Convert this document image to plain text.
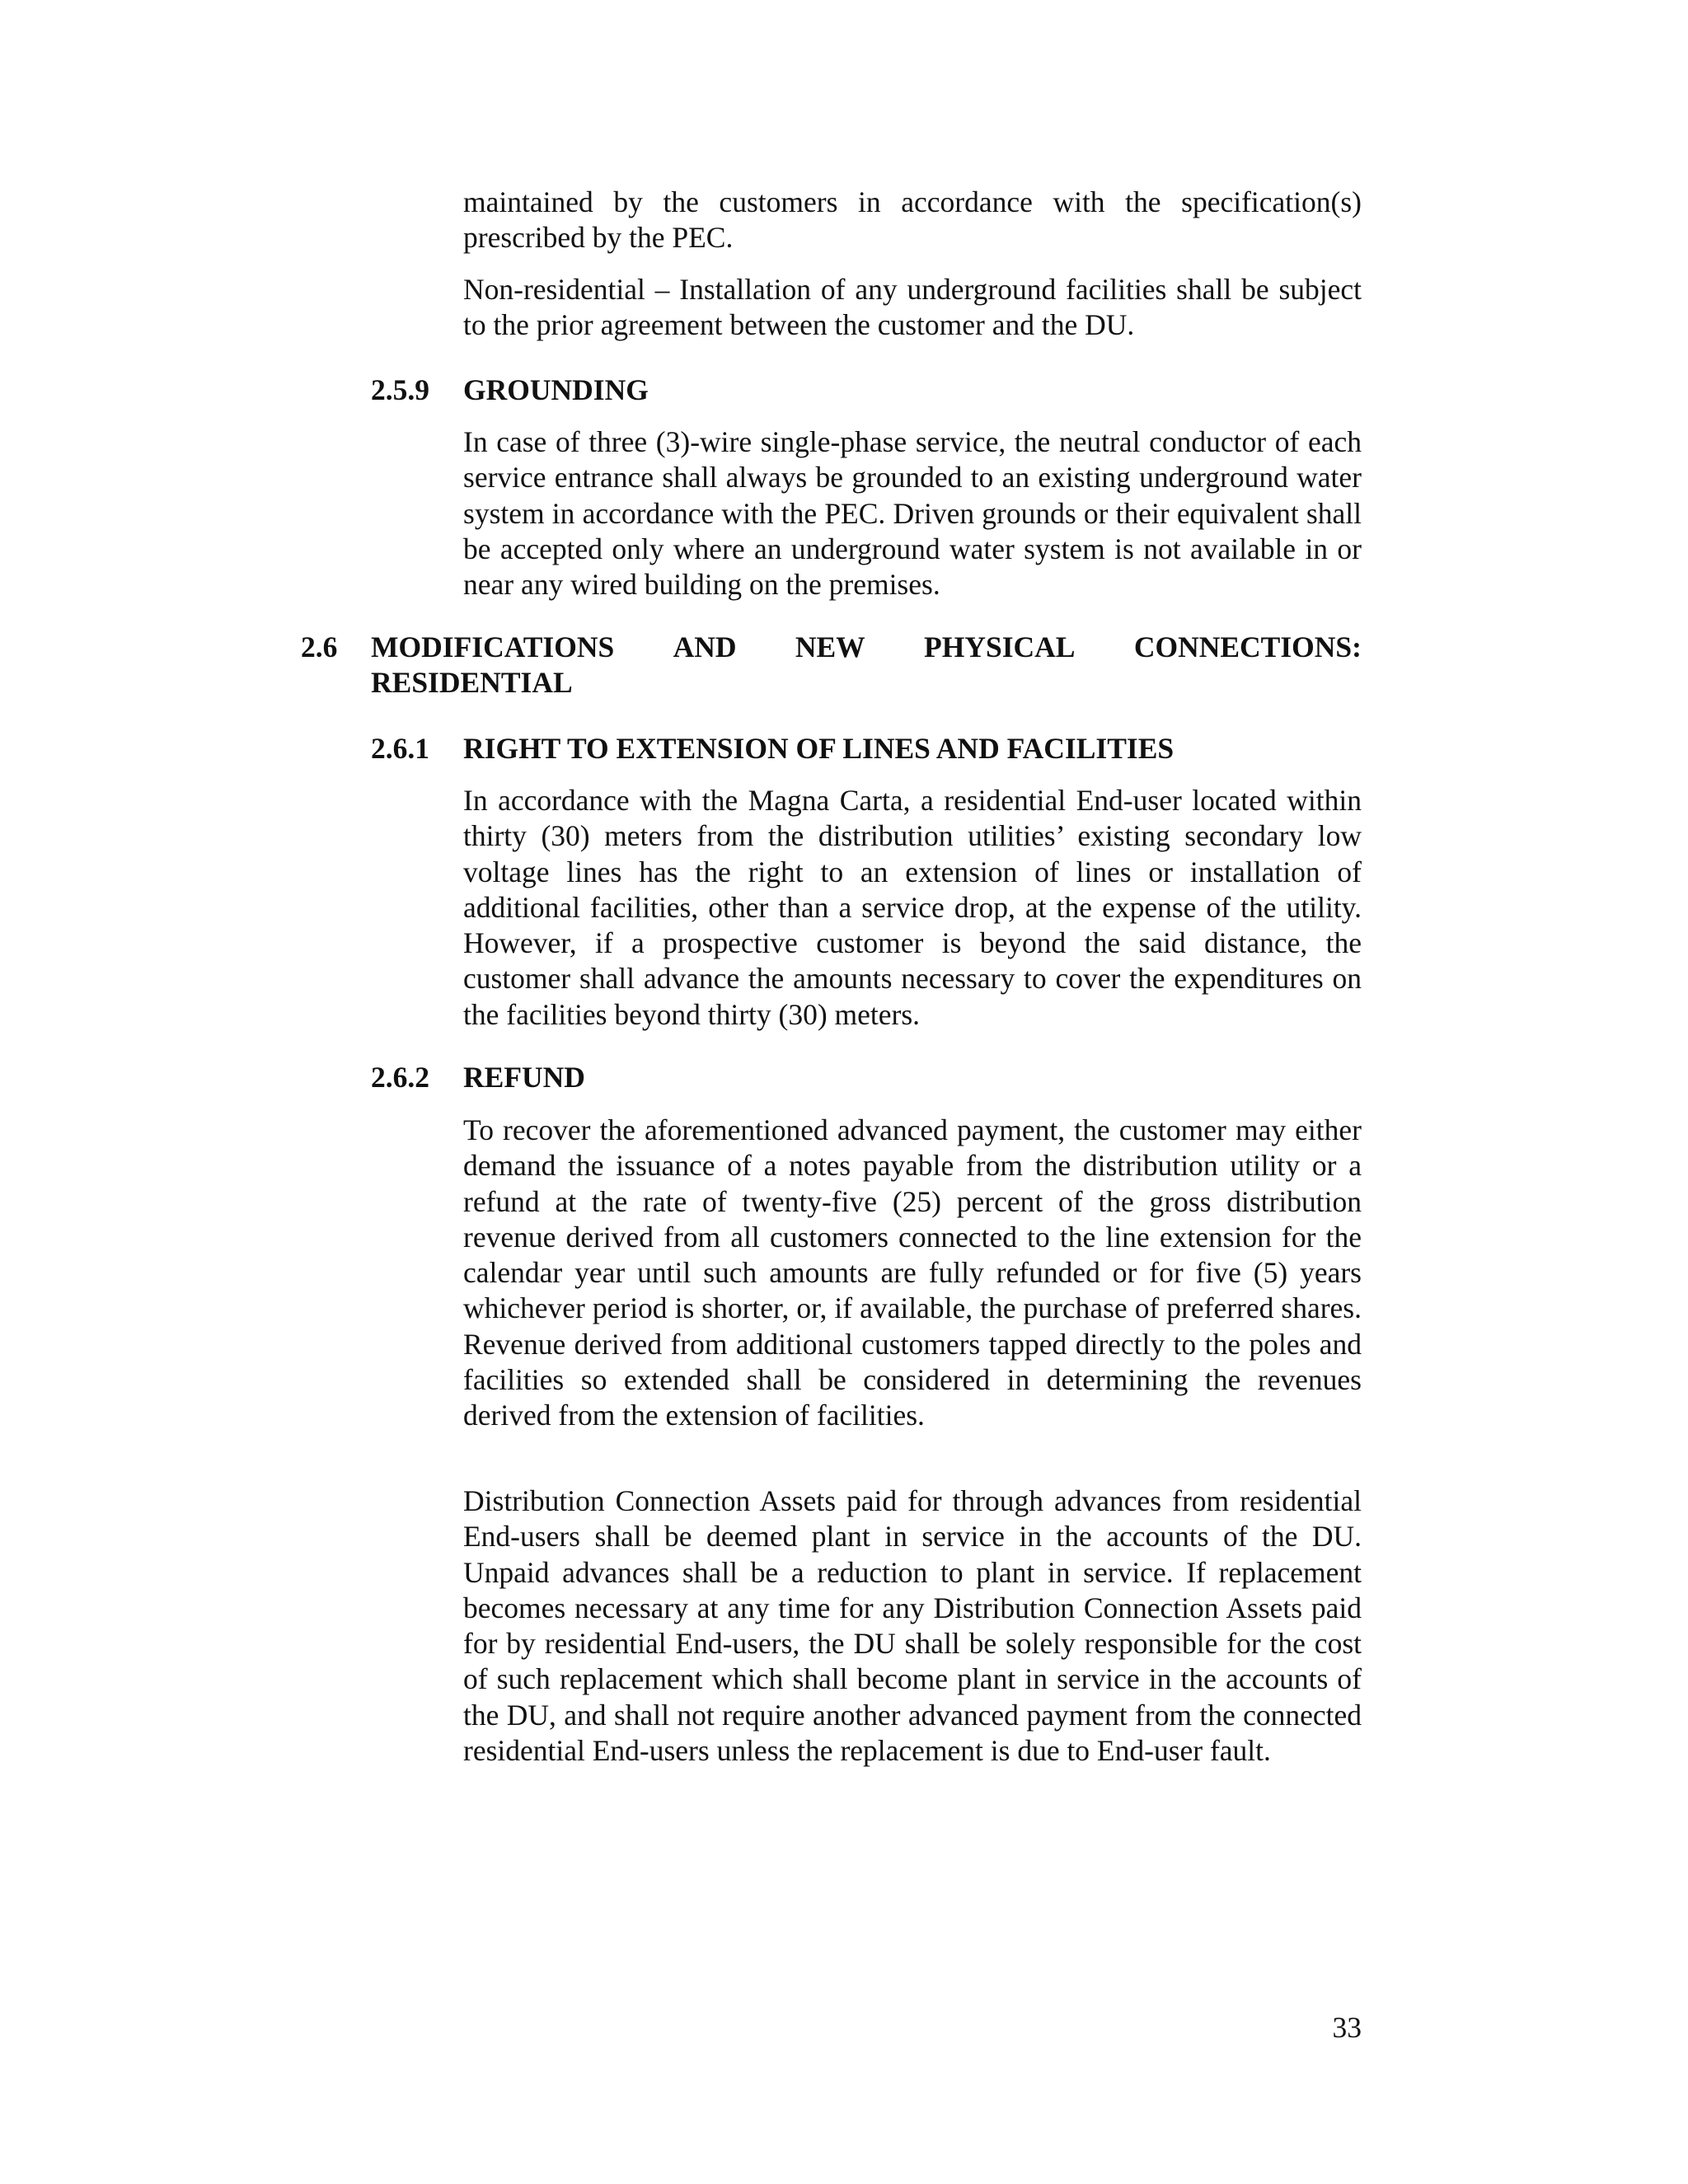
maintained by the customers in accordance with the specification(s) prescribed by the PEC.

Non-residential – Installation of any underground facilities shall be subject to the prior agreement between the customer and the DU.

2.5.9 GROUNDING

In case of three (3)-wire single-phase service, the neutral conductor of each service entrance shall always be grounded to an existing underground water system in accordance with the PEC. Driven grounds or their equivalent shall be accepted only where an underground water system is not available in or near any wired building on the premises.

2.6 MODIFICATIONS AND NEW PHYSICAL CONNECTIONS:
RESIDENTIAL
2.6.1 RIGHT TO EXTENSION OF LINES AND FACILITIES

In accordance with the Magna Carta, a residential End-user located within thirty (30) meters from the distribution utilities’ existing secondary low voltage lines has the right to an extension of lines or installation of additional facilities, other than a service drop, at the expense of the utility. However, if a prospective customer is beyond the said distance, the customer shall advance the amounts necessary to cover the expenditures on the facilities beyond thirty (30) meters.

2.6.2 REFUND

To recover the aforementioned advanced payment, the customer may either demand the issuance of a notes payable from the distribution utility or a refund at the rate of twenty-five (25) percent of the gross distribution revenue derived from all customers connected to the line extension for the calendar year until such amounts are fully refunded or for five (5) years whichever period is shorter, or, if available, the purchase of preferred shares. Revenue derived from additional customers tapped directly to the poles and facilities so extended shall be considered in determining the revenues derived from the extension of facilities.

Distribution Connection Assets paid for through advances from residential End-users shall be deemed plant in service in the accounts of the DU. Unpaid advances shall be a reduction to plant in service. If replacement becomes necessary at any time for any Distribution Connection Assets paid for by residential End-users, the DU shall be solely responsible for the cost of such replacement which shall become plant in service in the accounts of the DU, and shall not require another advanced payment from the connected residential End-users unless the replacement is due to End-user fault.

33
